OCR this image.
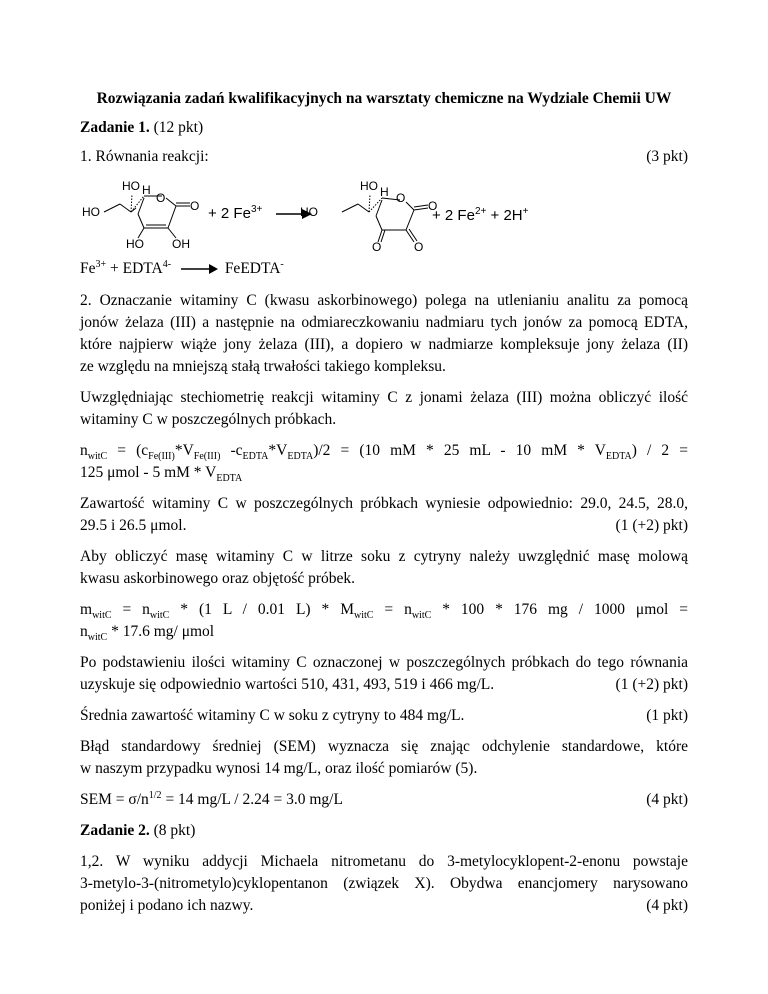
Rozwiązania zadań kwalifikacyjnych na warsztaty chemiczne na Wydziale Chemii UW
Zadanie 1. (12 pkt)
1. Równania reakcji:	(3 pkt)
HO
HO H
O
O
HO OH
+ 2 $Fe^{3+}$	HO
HO H O
O
O	O
+ 2 $Fe^{2+} + 2H^+$
$Fe^{3+}$ + $EDTA^{4-}$	FeEDTA-
2. Oznaczanie witaminy C (kwasu askorbinowego) polega na utlenianiu analitu za pomocą
jonów żelaza (III) a następnie na odmiareczkowaniu nadmiaru tych jonów za pomocą EDTA,
które najpierw wiąże jony żelaza (III), a dopiero w nadmiarze kompleksuje jony żelaza (II)
ze względu na mniejszą stałą trwałości takiego kompleksu.
Uwzględniając stechiometrię reakcji witaminy C z jonami żelaza (III) można obliczyć ilość
witaminy C w poszczególnych próbkach.
$n_{witC} = (c_{Fe(III)}*V_{Fe(III)}$ $-c_{EDTA}*V_{EDTA})/2 = (10$ mM * 25 mL - 10 mM * $V_{EDTA}) / 2$ =
125 μmol - 5 mM * $V_{EDTA}$
Zawartość witaminy C w poszczególnych próbkach wyniesie odpowiednio: 29.0, 24.5, 28.0,
29.5 i 26.5 μmol.	(1 (+2) pkt)
Aby obliczyć masę witaminy C w litrze soku z cytryny należy uwzględnić masę molową
kwasu askorbinowego oraz objętość próbek.
$m_{witC} = n_{witC} * (1$ L / 0.01 $L) * M_{witC} = n_{witC} * 100 * 176$ mg / 1000 μmol =
$n_{witC} * 17.6$ mg/ μmol
Po podstawieniu ilości witaminy C oznaczonej w poszczególnych próbkach do tego równania
uzyskuje się odpowiednio wartości 510, 431, 493, 519 i 466 mg/L.	(1 (+2) pkt)
Średnia zawartość witaminy C w soku z cytryny to 484 mg/L.	(1 pkt)
Błąd standardowy średniej (SEM) wyznacza się znając odchylenie standardowe, które
w naszym przypadku wynosi 14 mg/L, oraz ilość pomiarów (5).
SEM = $\sigma/n^{1/2} = 14$ mg/L / 2.24 = 3.0 mg/L	(4 pkt)
Zadanie 2. (8 pkt)
1,2. W wyniku addycji Michaela nitrometanu do 3-metylocyklopent-2-enonu powstaje
3-metylo-3-(nitrometylo)cyklopentanon (związek X). Obydwa enancjomery narysowano
poniżej i podano ich nazwy.	(4 pkt)
